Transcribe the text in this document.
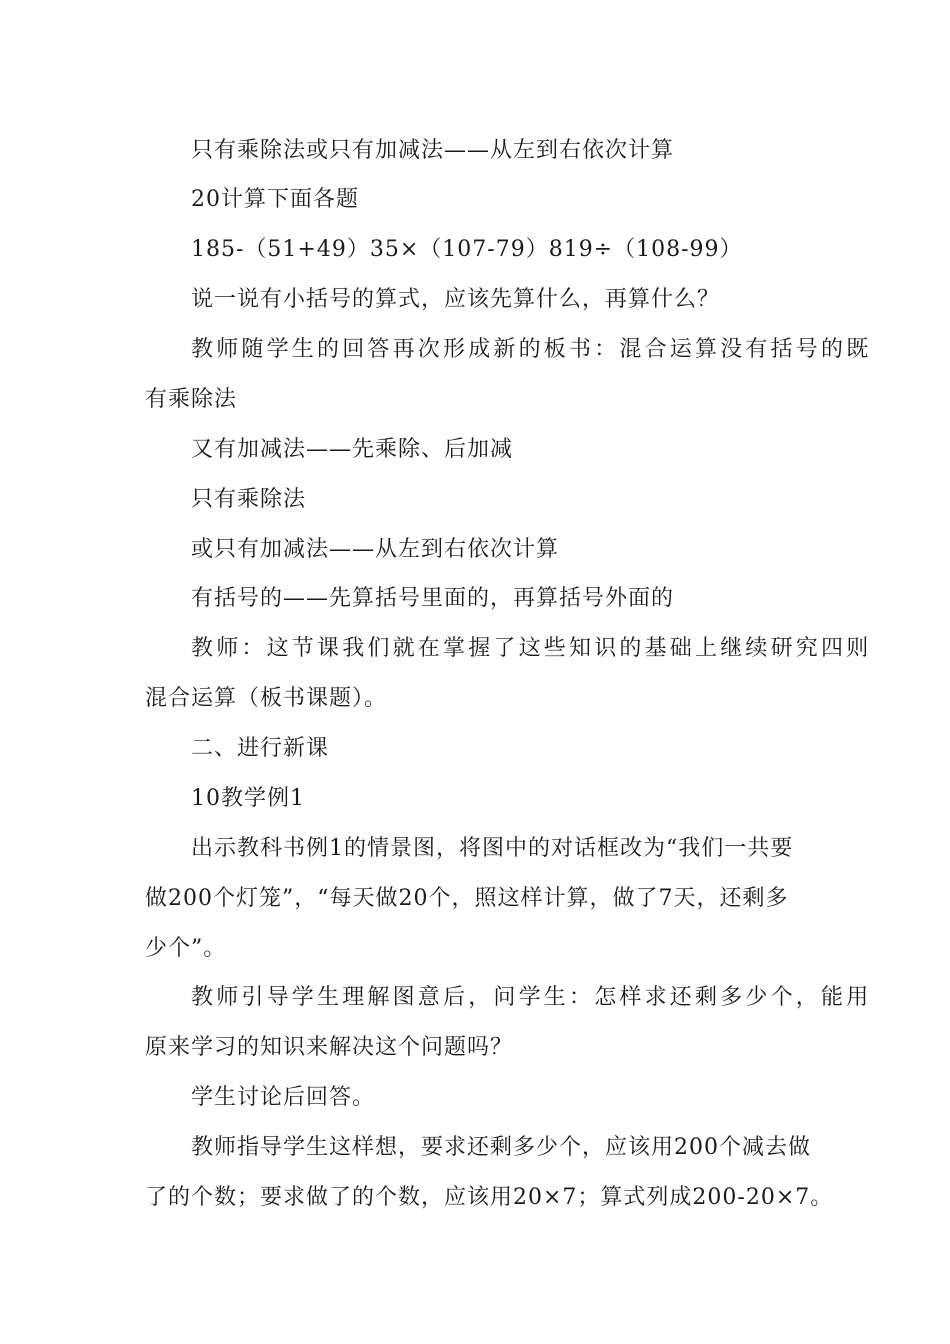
只有乘除法或只有加减法——从左到右依次计算
20计算下面各题
185-（51+49）35×（107-79）819÷（108-99）
说一说有小括号的算式，应该先算什么，再算什么？
教师随学生的回答再次形成新的板书：混合运算没有括号的既
有乘除法
又有加减法——先乘除、后加减
只有乘除法
或只有加减法——从左到右依次计算
有括号的——先算括号里面的，再算括号外面的
教师：这节课我们就在掌握了这些知识的基础上继续研究四则
混合运算（板书课题）。
二、进行新课
10教学例1
出示教科书例1的情景图，将图中的对话框改为“我们一共要
做200个灯笼”，“每天做20个，照这样计算，做了7天，还剩多
少个”。
教师引导学生理解图意后，问学生：怎样求还剩多少个，能用
原来学习的知识来解决这个问题吗？
学生讨论后回答。
教师指导学生这样想，要求还剩多少个，应该用200个减去做
了的个数；要求做了的个数，应该用20×7；算式列成200-20×7。
